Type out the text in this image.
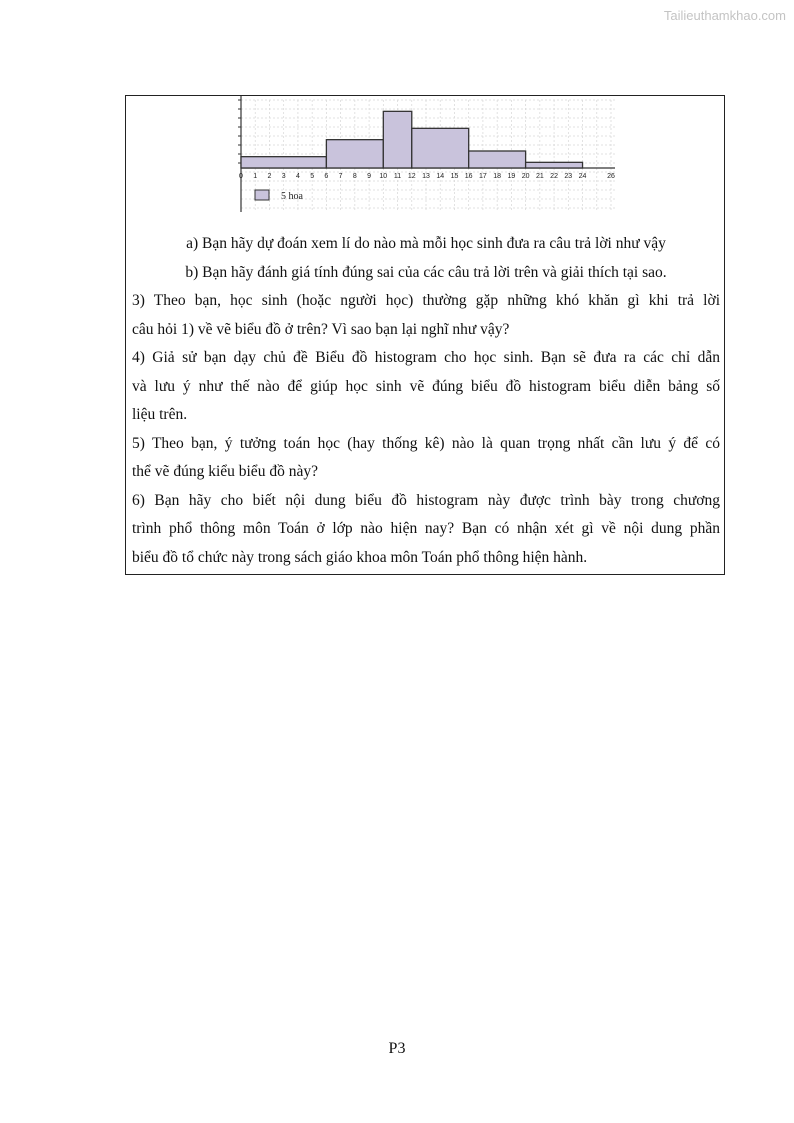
Tailieuthamkhao.com
0 1 2 3 4 5 6 7 8 9 10 11 12 13 14 15 16 17 18 19 20 21 22 23 24	26
5 hoa

a) Bạn hãy dự đoán xem lí do nào mà mỗi học sinh đưa ra câu trả lời như vậy

b) Bạn hãy đánh giá tính đúng sai của các câu trả lời trên và giải thích tại sao.

3) Theo bạn, học sinh (hoặc người học) thường gặp những khó khăn gì khi trả lời
câu hỏi 1) về vẽ biểu đồ ở trên? Vì sao bạn lại nghĩ như vậy?

4) Giả sử bạn dạy chủ đề Biểu đồ histogram cho học sinh. Bạn sẽ đưa ra các chỉ dẫn
và lưu ý như thế nào để giúp học sinh vẽ đúng biểu đồ histogram biểu diễn bảng số
liệu trên.

5) Theo bạn, ý tưởng toán học (hay thống kê) nào là quan trọng nhất cần lưu ý để có
thể vẽ đúng kiểu biểu đồ này?

6) Bạn hãy cho biết nội dung biểu đồ histogram này được trình bày trong chương
trình phổ thông môn Toán ở lớp nào hiện nay? Bạn có nhận xét gì về nội dung phần
biểu đồ tổ chức này trong sách giáo khoa môn Toán phổ thông hiện hành.

P3
